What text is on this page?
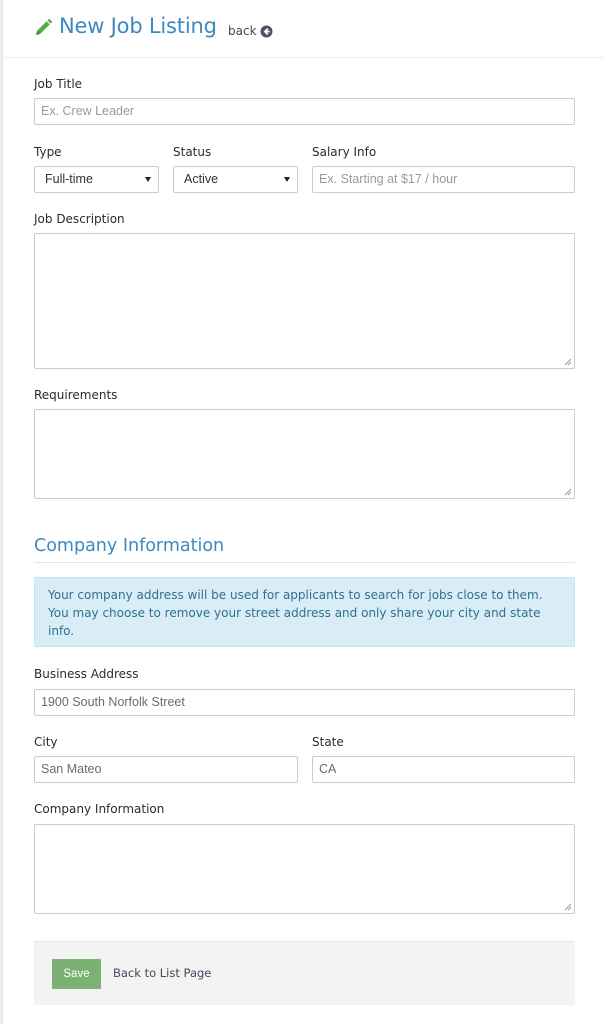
New Job Listing back
Job Title
Ex. Crew Leader
Type
Full-time
Status
Active
Salary Info
Ex. Starting at $17 / hour
Job Description
Requirements
Company Information
Your company address will be used for applicants to search for jobs close to them. You may choose to remove your street address and only share your city and state info.
Business Address
1900 South Norfolk Street
City
San Mateo
State
CA
Company Information
Save	Back to List Page
